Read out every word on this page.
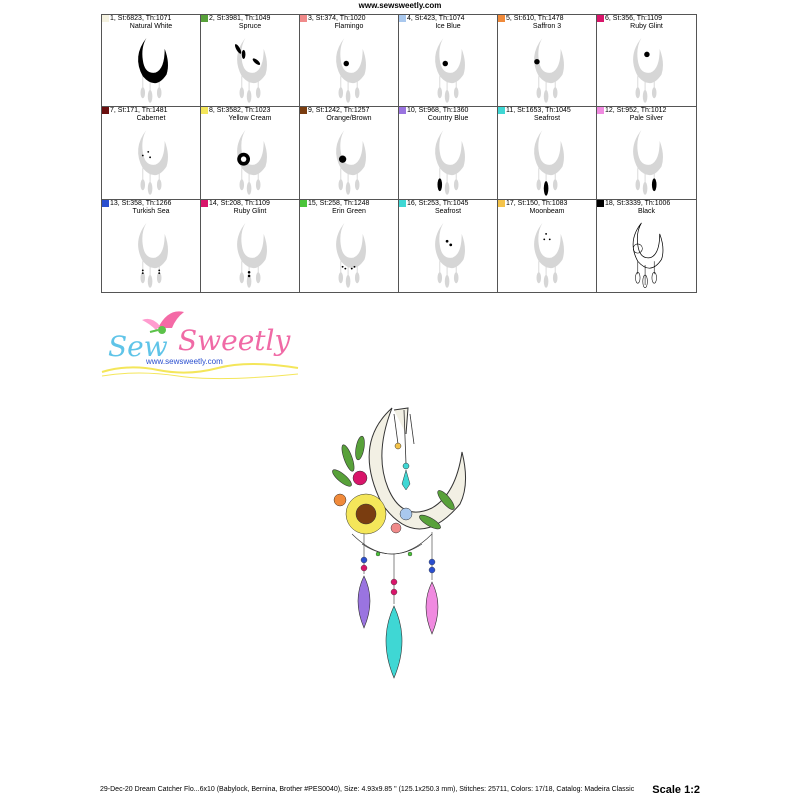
www.sewsweetly.com
1, St:6823, Th:1071
Natural White
2, St:3981, Th:1049
Spruce
3, St:374, Th:1020
Flamingo
4, St:423, Th:1074
Ice Blue
5, St:610, Th:1478
Saffron 3
6, St:356, Th:1109
Ruby Glint
7, St:171, Th:1481
Cabernet
8, St:3582, Th:1023
Yellow Cream
9, St:1242, Th:1257
Orange/Brown
10, St:968, Th:1360
Country Blue
11, St:1653, Th:1045
Seafrost
12, St:952, Th:1012
Pale Silver
13, St:358, Th:1266
Turkish Sea
14, St:208, Th:1109
Ruby Glint
15, St:258, Th:1248
Erin Green
16, St:253, Th:1045
Seafrost
17, St:150, Th:1083
Moonbeam
18, St:3339, Th:1006
Black
Sew Sweetly
www.sewsweetly.com
29-Dec-20 Dream Catcher Flo...6x10 (Babylock, Bernina, Brother #PES0040), Size: 4.93x9.85 " (125.1x250.3 mm), Stitches: 25711, Colors: 17/18, Catalog: Madeira Classic	Scale 1:2
